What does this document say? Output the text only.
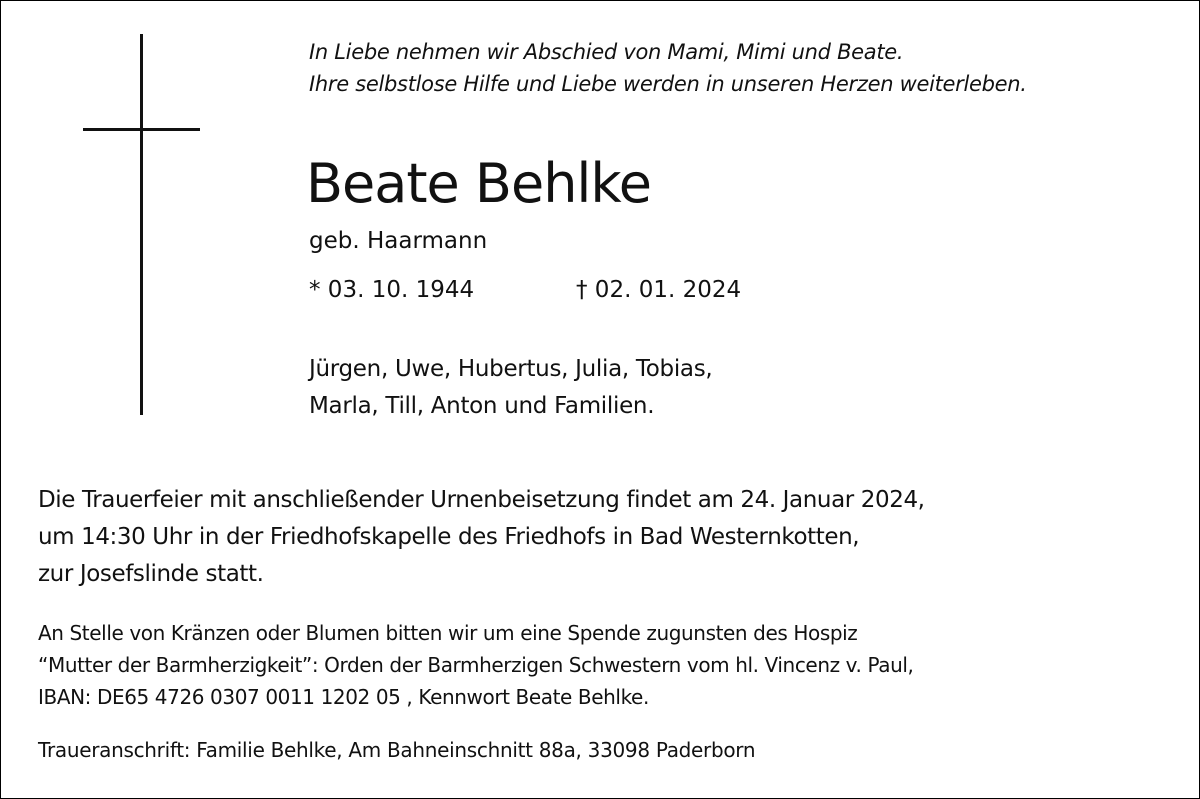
In Liebe nehmen wir Abschied von Mami, Mimi und Beate.
Ihre selbstlose Hilfe und Liebe werden in unseren Herzen weiterleben.

Beate Behlke
geb. Haarmann
* 03. 10. 1944	† 02. 01. 2024

Jürgen, Uwe, Hubertus, Julia, Tobias,
Marla, Till, Anton und Familien.

Die Trauerfeier mit anschließender Urnenbeisetzung findet am 24. Januar 2024,
um 14:30 Uhr in der Friedhofskapelle des Friedhofs in Bad Westernkotten,
zur Josefslinde statt.

An Stelle von Kränzen oder Blumen bitten wir um eine Spende zugunsten des Hospiz
“Mutter der Barmherzigkeit”: Orden der Barmherzigen Schwestern vom hl. Vincenz v. Paul,
IBAN: DE65 4726 0307 0011 1202 05 , Kennwort Beate Behlke.

Traueranschrift: Familie Behlke, Am Bahneinschnitt 88a, 33098 Paderborn
